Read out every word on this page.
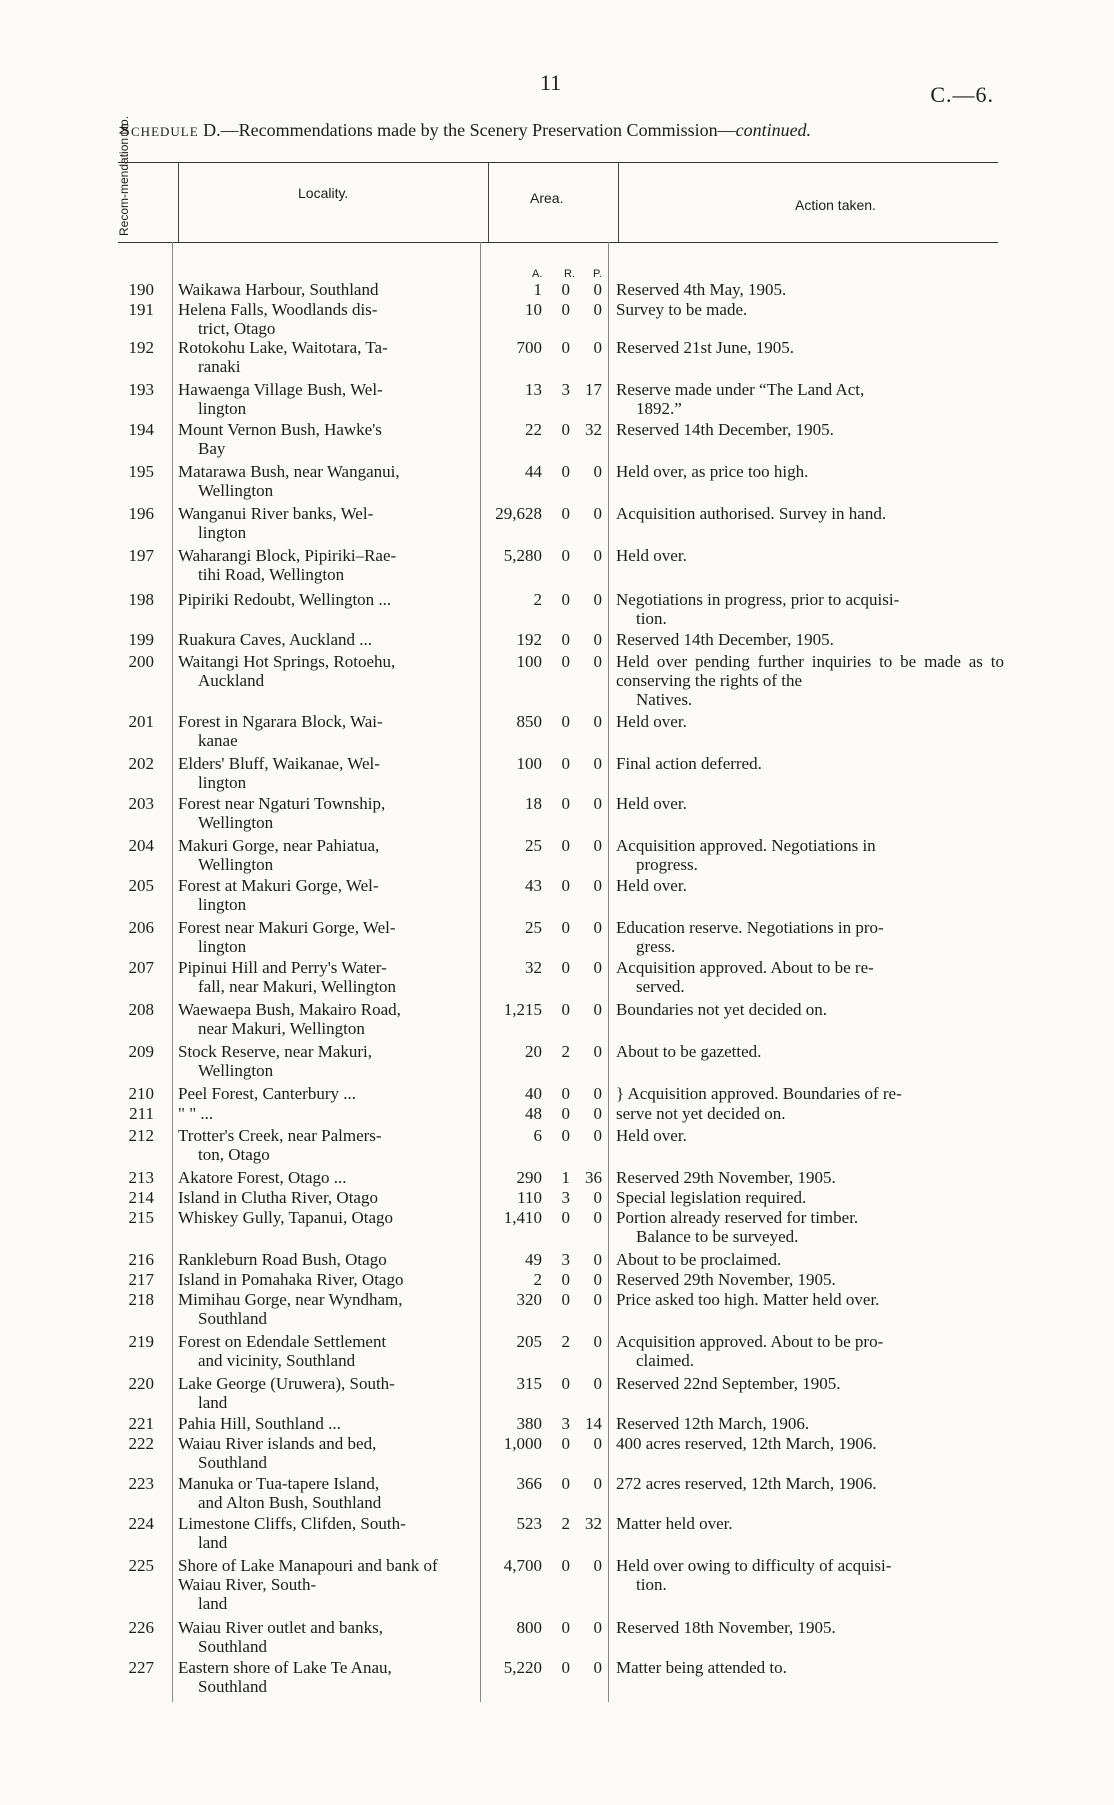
11	C.—6.
Schedule D.—Recommendations made by the Scenery Preservation Commission—continued.
Recom-mendation No.	Locality.	Area.	Action taken.
A. R. P.
190 Waikawa Harbour, Southland	1	0	0 Reserved 4th May, 1905.
191 Helena Falls, Woodlands dis-
trict, Otago
10	0	0 Survey to be made.
192 Rotokohu Lake, Waitotara, Ta-
ranaki
700	0	0 Reserved 21st June, 1905.
193 Hawaenga Village Bush, Wel-
lington
13	3 17 Reserve made under “The Land Act,
1892.”
194 Mount Vernon Bush, Hawke's
Bay
22	0 32 Reserved 14th December, 1905.
195 Matarawa Bush, near Wanganui,
Wellington
44	0	0 Held over, as price too high.
196 Wanganui River banks, Wel-
lington
29,628	0	0 Acquisition authorised. Survey in hand.
197 Waharangi Block, Pipiriki–Rae-
tihi Road, Wellington
5,280	0	0 Held over.
198 Pipiriki Redoubt, Wellington ...	2	0	0 Negotiations in progress, prior to acquisi-
tion.
199 Ruakura Caves, Auckland ...	192	0	0 Reserved 14th December, 1905.
200 Waitangi Hot Springs, Rotoehu,
Auckland
100	0	0 Held over pending further inquiries to be made as to conserving the rights of the
Natives.
201 Forest in Ngarara Block, Wai-
kanae
850	0	0 Held over.
202 Elders' Bluff, Waikanae, Wel-
lington
100	0	0 Final action deferred.
203 Forest near Ngaturi Township,
Wellington
18	0	0 Held over.
204 Makuri Gorge, near Pahiatua,
Wellington
25	0	0 Acquisition approved. Negotiations in
progress.
205 Forest at Makuri Gorge, Wel-
lington
43	0	0 Held over.
206 Forest near Makuri Gorge, Wel-
lington
25	0	0 Education reserve. Negotiations in pro-
gress.
207 Pipinui Hill and Perry's Water-
fall, near Makuri, Wellington
32	0	0 Acquisition approved. About to be re-
served.
208 Waewaepa Bush, Makairo Road,
near Makuri, Wellington
1,215	0	0 Boundaries not yet decided on.
209 Stock Reserve, near Makuri,
Wellington
20	2	0 About to be gazetted.
210 Peel Forest, Canterbury ...	40	0	0 } Acquisition approved. Boundaries of re-
211 " " ...	48	0	0 serve not yet decided on.
212 Trotter's Creek, near Palmers-
ton, Otago
6	0	0 Held over.
213 Akatore Forest, Otago ...	290	1 36 Reserved 29th November, 1905.
214 Island in Clutha River, Otago	110	3	0 Special legislation required.
215 Whiskey Gully, Tapanui, Otago	1,410	0	0 Portion already reserved for timber.
Balance to be surveyed.
216 Rankleburn Road Bush, Otago	49	3	0 About to be proclaimed.
217 Island in Pomahaka River, Otago	2	0	0 Reserved 29th November, 1905.
218 Mimihau Gorge, near Wyndham,
Southland
320	0	0 Price asked too high. Matter held over.
219 Forest on Edendale Settlement
and vicinity, Southland
205	2	0 Acquisition approved. About to be pro-
claimed.
220 Lake George (Uruwera), South-
land
315	0	0 Reserved 22nd September, 1905.
221 Pahia Hill, Southland ...	380	3 14 Reserved 12th March, 1906.
222 Waiau River islands and bed,
Southland
1,000	0	0 400 acres reserved, 12th March, 1906.
223 Manuka or Tua-tapere Island,
and Alton Bush, Southland
366	0	0 272 acres reserved, 12th March, 1906.
224 Limestone Cliffs, Clifden, South-
land
523	2 32 Matter held over.
225 Shore of Lake Manapouri and bank of Waiau River, South-
land
4,700	0	0 Held over owing to difficulty of acquisi-
tion.
226 Waiau River outlet and banks,
Southland
800	0	0 Reserved 18th November, 1905.
227 Eastern shore of Lake Te Anau,
Southland
5,220	0	0 Matter being attended to.
